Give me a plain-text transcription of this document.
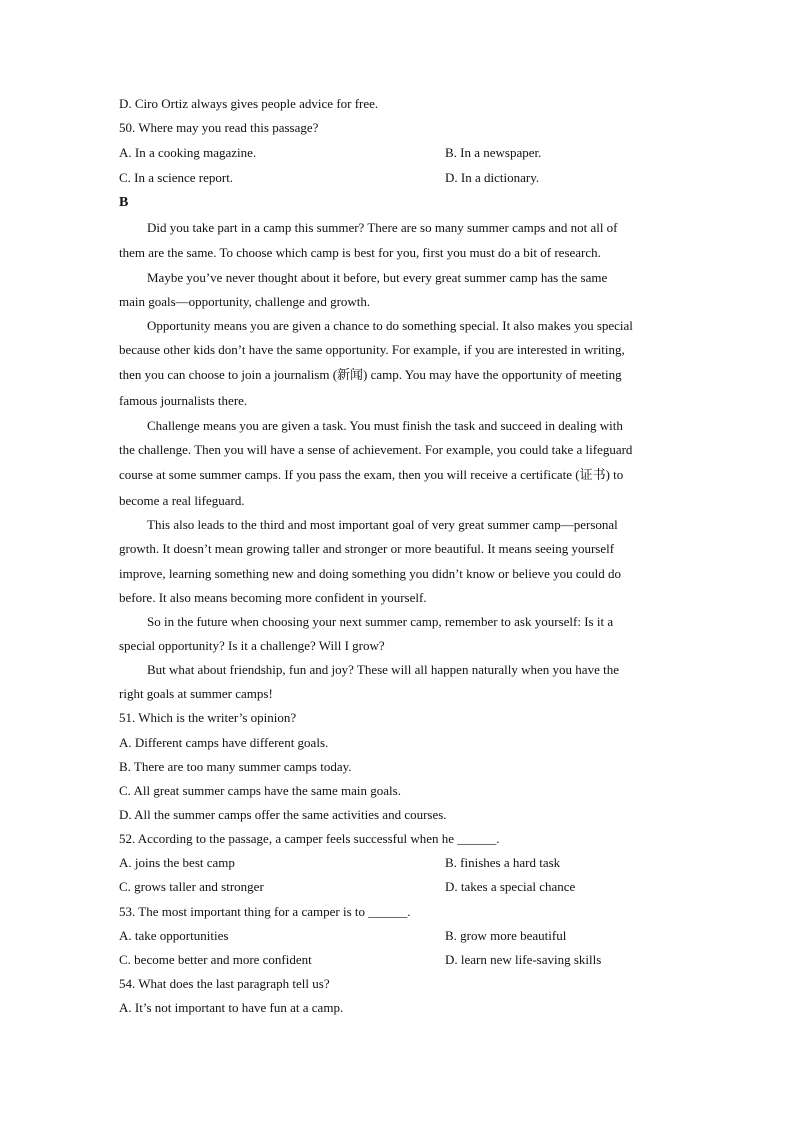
D. Ciro Ortiz always gives people advice for free.
50. Where may you read this passage?
A. In a cooking magazine.	B. In a newspaper.
C. In a science report.	D. In a dictionary.
B
Did you take part in a camp this summer? There are so many summer camps and not all of
them are the same. To choose which camp is best for you, first you must do a bit of research.
Maybe you’ve never thought about it before, but every great summer camp has the same
main goals—opportunity, challenge and growth.
Opportunity means you are given a chance to do something special. It also makes you special
because other kids don’t have the same opportunity. For example, if you are interested in writing,
then you can choose to join a journalism (新闻) camp. You may have the opportunity of meeting
famous journalists there.
Challenge means you are given a task. You must finish the task and succeed in dealing with
the challenge. Then you will have a sense of achievement. For example, you could take a lifeguard
course at some summer camps. If you pass the exam, then you will receive a certificate (证书) to
become a real lifeguard.
This also leads to the third and most important goal of very great summer camp—personal
growth. It doesn’t mean growing taller and stronger or more beautiful. It means seeing yourself
improve, learning something new and doing something you didn’t know or believe you could do
before. It also means becoming more confident in yourself.
So in the future when choosing your next summer camp, remember to ask yourself: Is it a
special opportunity? Is it a challenge? Will I grow?
But what about friendship, fun and joy? These will all happen naturally when you have the
right goals at summer camps!
51. Which is the writer’s opinion?
A. Different camps have different goals.
B. There are too many summer camps today.
C. All great summer camps have the same main goals.
D. All the summer camps offer the same activities and courses.
52. According to the passage, a camper feels successful when he ______.
A. joins the best camp	B. finishes a hard task
C. grows taller and stronger	D. takes a special chance
53. The most important thing for a camper is to ______.
A. take opportunities	B. grow more beautiful
C. become better and more confident	D. learn new life-saving skills
54. What does the last paragraph tell us?
A. It’s not important to have fun at a camp.
